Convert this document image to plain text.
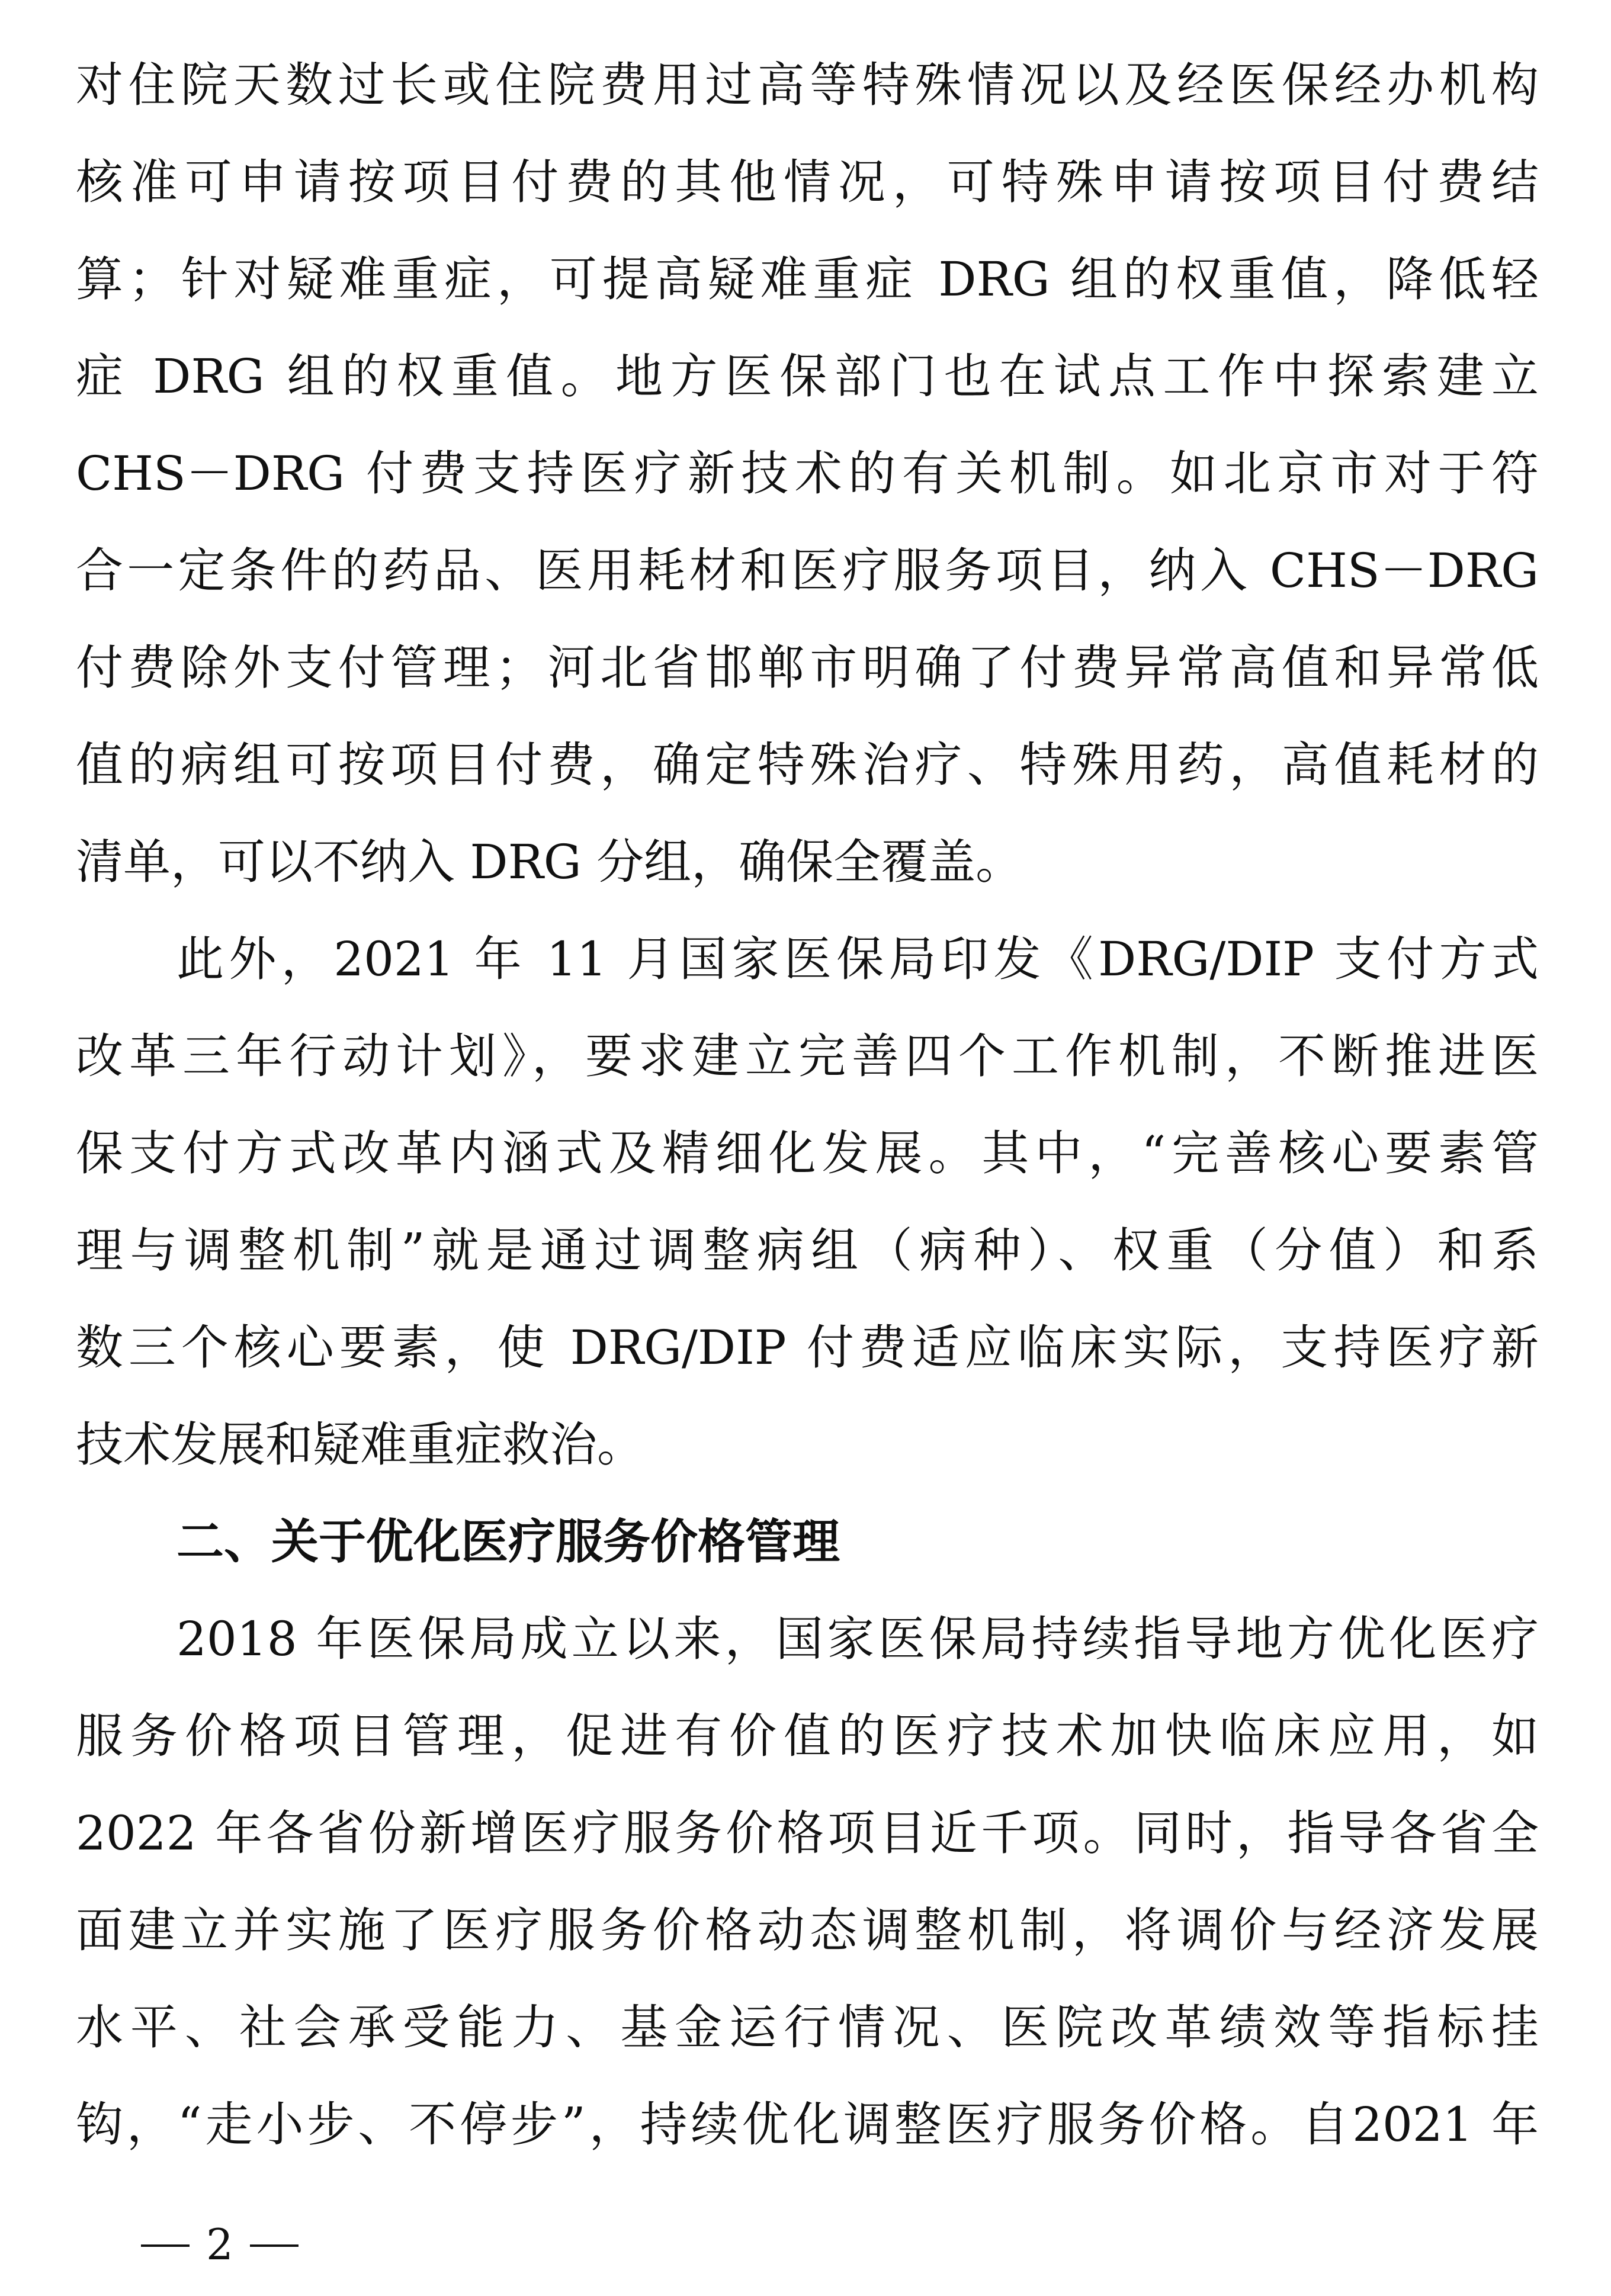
对住院天数过长或住院费用过高等特殊情况以及经医保经办机构
核准可申请按项目付费的其他情况，可特殊申请按项目付费结
算；针对疑难重症，可提高疑难重症 DRG 组的权重值，降低轻
症 DRG 组的权重值。地方医保部门也在试点工作中探索建立
CHS－DRG 付费支持医疗新技术的有关机制。如北京市对于符
合一定条件的药品、医用耗材和医疗服务项目，纳入 CHS－DRG
付费除外支付管理；河北省邯郸市明确了付费异常高值和异常低
值的病组可按项目付费，确定特殊治疗、特殊用药，高值耗材的
清单，可以不纳入 DRG 分组，确保全覆盖。
此外，2021 年 11 月国家医保局印发《DRG/DIP 支付方式
改革三年行动计划》，要求建立完善四个工作机制，不断推进医
保支付方式改革内涵式及精细化发展。其中，“完善核心要素管
理与调整机制”就是通过调整病组（病种）、权重（分值）和系
数三个核心要素，使 DRG/DIP 付费适应临床实际，支持医疗新
技术发展和疑难重症救治。
二、关于优化医疗服务价格管理
2018 年医保局成立以来，国家医保局持续指导地方优化医疗
服务价格项目管理，促进有价值的医疗技术加快临床应用，如
2022 年各省份新增医疗服务价格项目近千项。同时，指导各省全
面建立并实施了医疗服务价格动态调整机制，将调价与经济发展
水平、社会承受能力、基金运行情况、医院改革绩效等指标挂
钩，“走小步、不停步”，持续优化调整医疗服务价格。自2021 年
2
